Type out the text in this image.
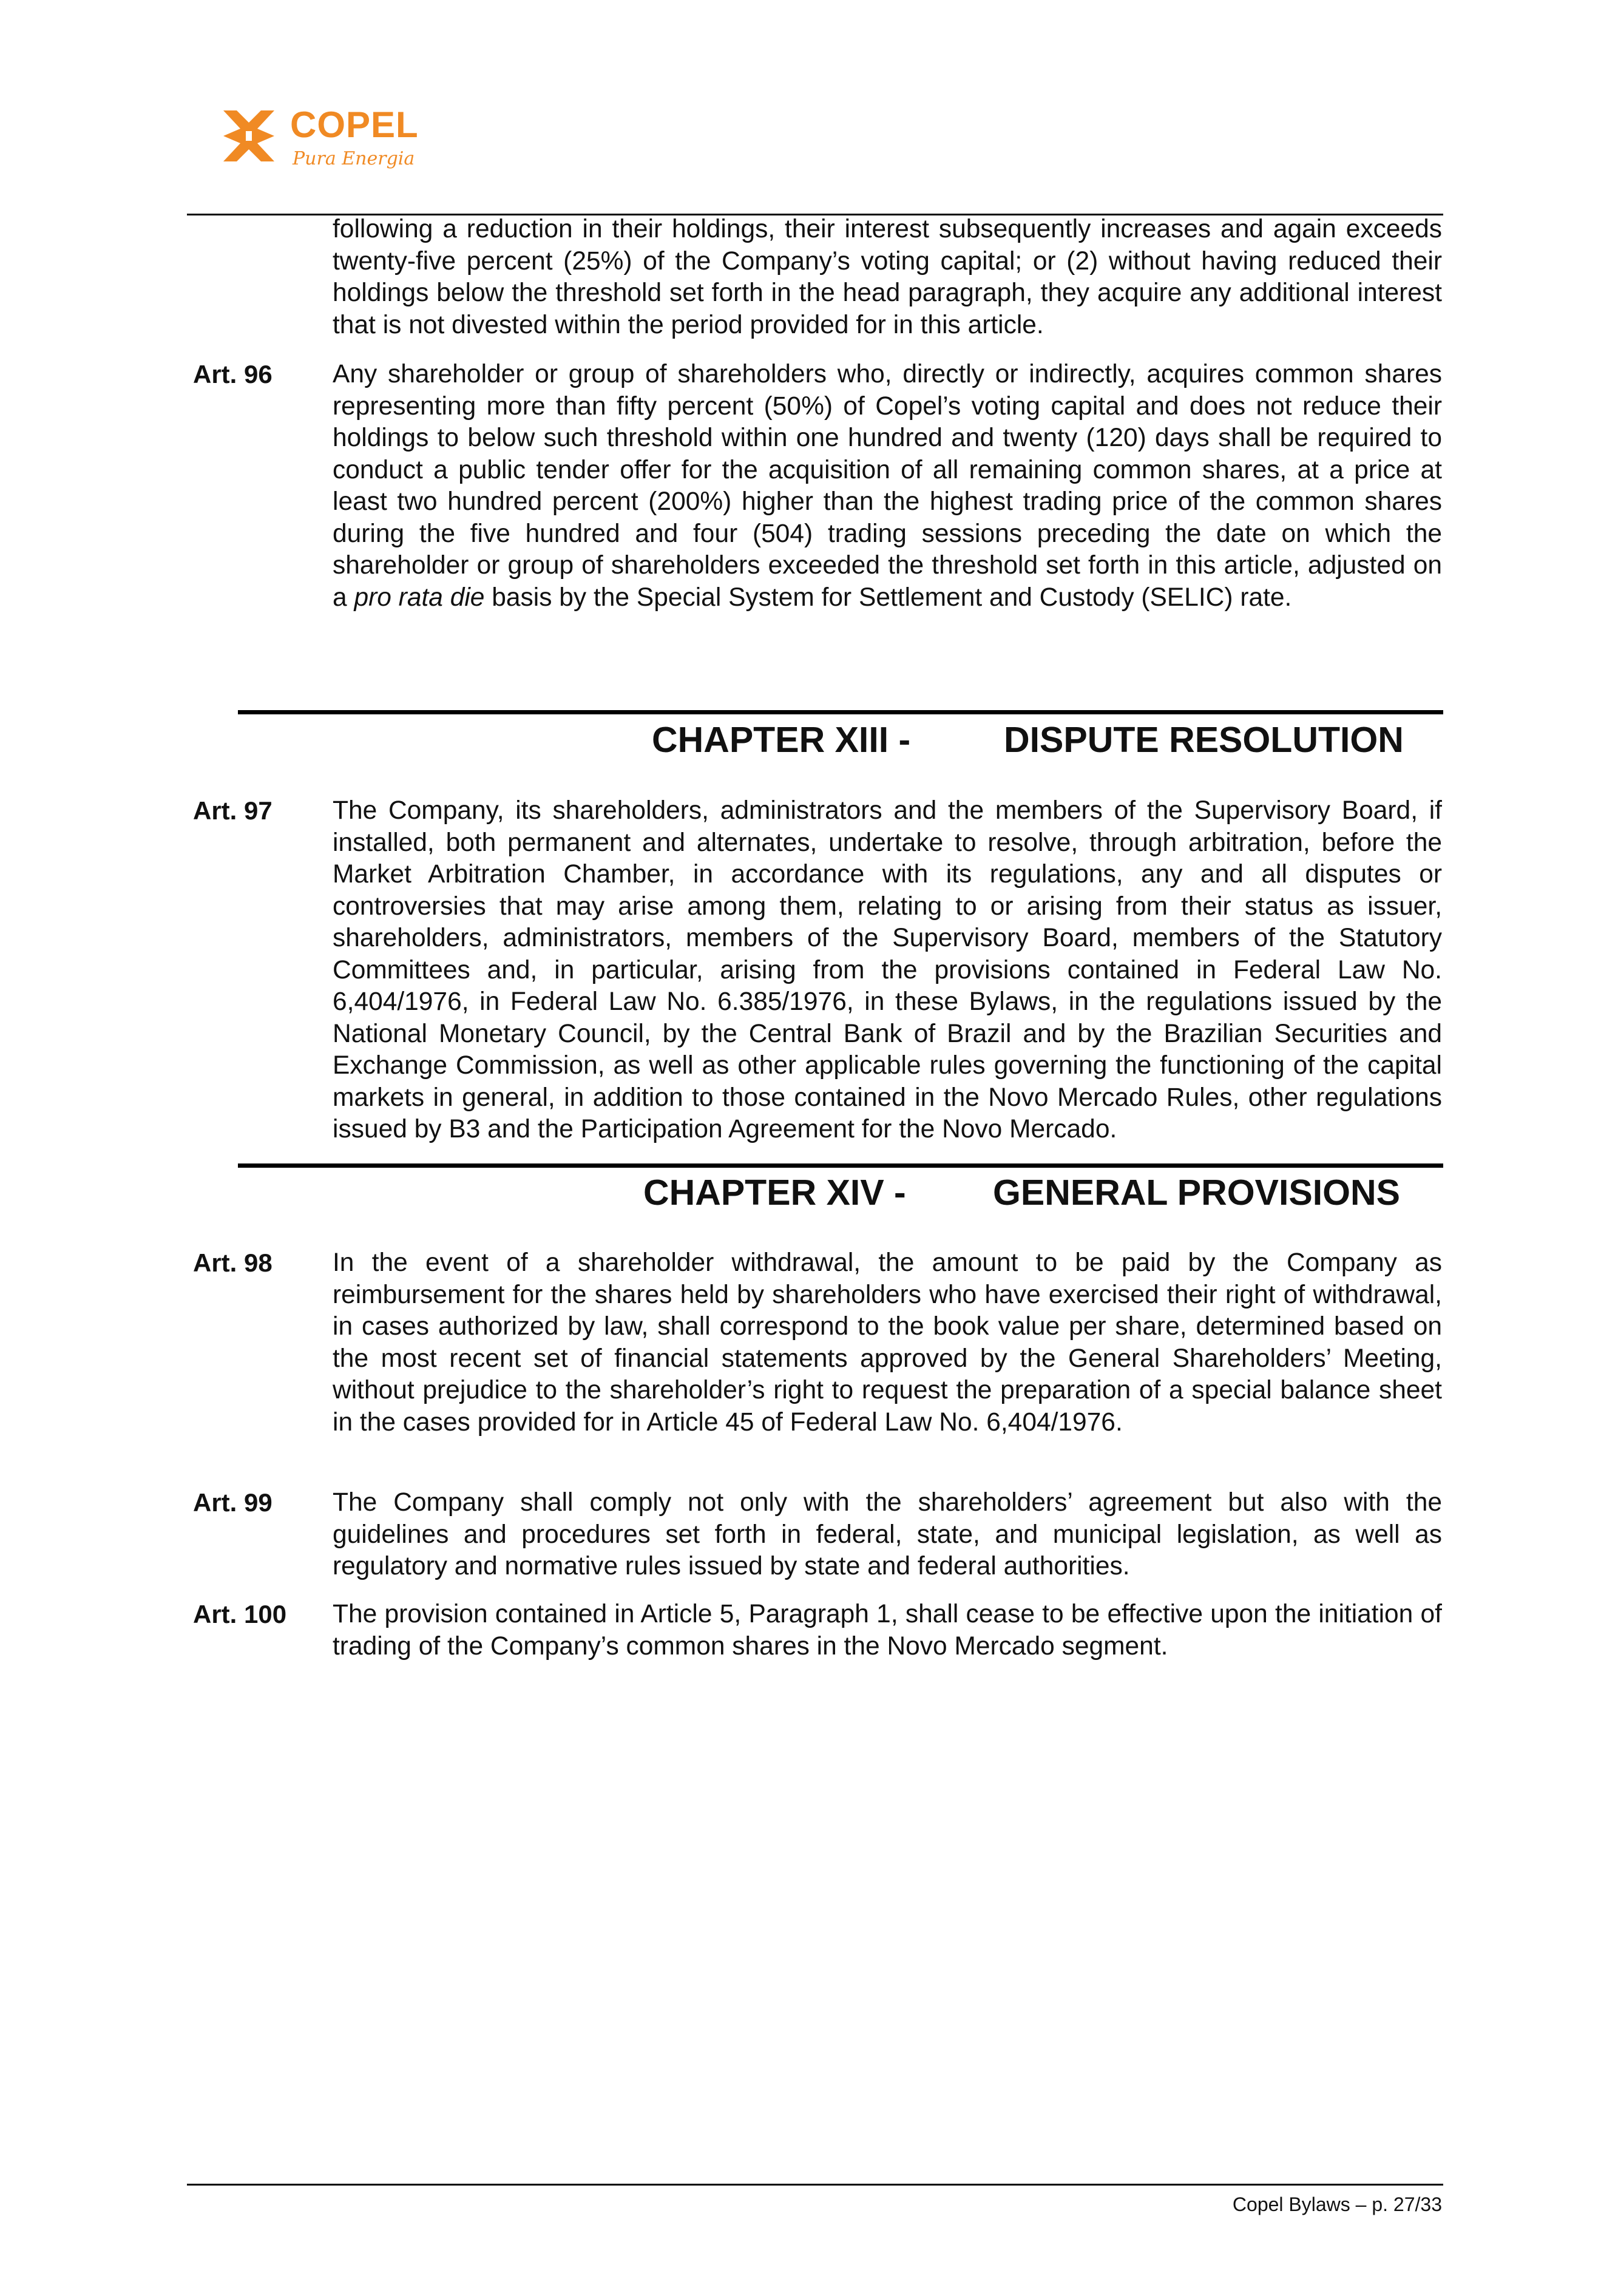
COPEL
Pura Energia

following a reduction in their holdings, their interest subsequently increases and again exceeds twenty-five percent (25%) of the Company’s voting capital; or (2) without having reduced their holdings below the threshold set forth in the head paragraph, they acquire any additional interest that is not divested within the period provided for in this article.

Art. 96 Any shareholder or group of shareholders who, directly or indirectly, acquires common shares representing more than fifty percent (50%) of Copel’s voting capital and does not reduce their holdings to below such threshold within one hundred and twenty (120) days shall be required to conduct a public tender offer for the acquisition of all remaining common shares, at a price at least two hundred percent (200%) higher than the highest trading price of the common shares during the five hundred and four (504) trading sessions preceding the date on which the shareholder or group of shareholders exceeded the threshold set forth in this article, adjusted on a pro rata die basis by the Special System for Settlement and Custody (SELIC) rate.

CHAPTER XIII -	DISPUTE RESOLUTION
Art. 97 The Company, its shareholders, administrators and the members of the Supervisory Board, if installed, both permanent and alternates, undertake to resolve, through arbitration, before the Market Arbitration Chamber, in accordance with its regulations, any and all disputes or controversies that may arise among them, relating to or arising from their status as issuer, shareholders, administrators, members of the Supervisory Board, members of the Statutory Committees and, in particular, arising from the provisions contained in Federal Law No. 6,404/1976, in Federal Law No. 6.385/1976, in these Bylaws, in the regulations issued by the National Monetary Council, by the Central Bank of Brazil and by the Brazilian Securities and Exchange Commission, as well as other applicable rules governing the functioning of the capital markets in general, in addition to those contained in the Novo Mercado Rules, other regulations issued by B3 and the Participation Agreement for the Novo Mercado.

CHAPTER XIV - GENERAL PROVISIONS
Art. 98 In the event of a shareholder withdrawal, the amount to be paid by the Company as reimbursement for the shares held by shareholders who have exercised their right of withdrawal, in cases authorized by law, shall correspond to the book value per share, determined based on the most recent set of financial statements approved by the General Shareholders’ Meeting, without prejudice to the shareholder’s right to request the preparation of a special balance sheet in the cases provided for in Article 45 of Federal Law No. 6,404/1976.

Art. 99 The Company shall comply not only with the shareholders’ agreement but also with the guidelines and procedures set forth in federal, state, and municipal legislation, as well as regulatory and normative rules issued by state and federal authorities.

Art. 100 The provision contained in Article 5, Paragraph 1, shall cease to be effective upon the initiation of trading of the Company’s common shares in the Novo Mercado segment.

Copel Bylaws – p. 27/33
